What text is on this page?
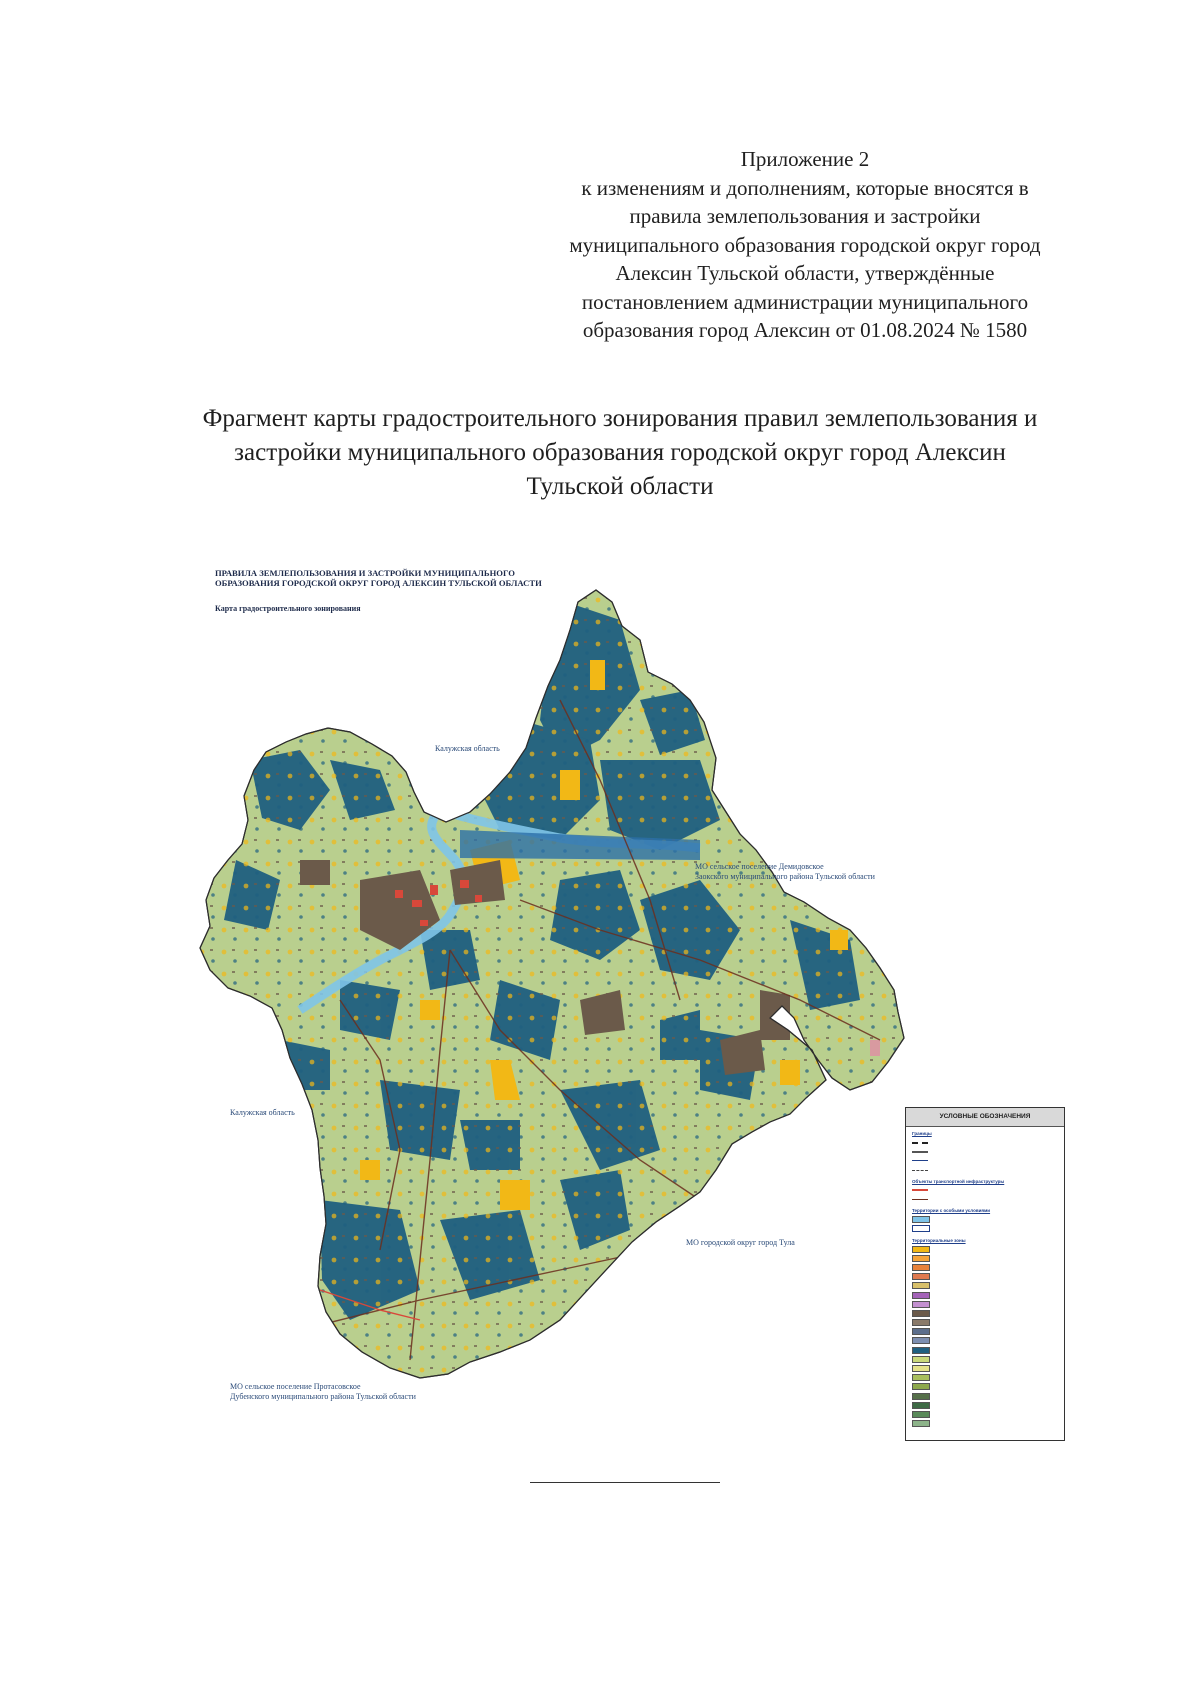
Приложение 2
к изменениям и дополнениям, которые вносятся в
правила землепользования и застройки
муниципального образования городской округ город
Алексин Тульской области, утверждённые
постановлением администрации муниципального
образования город Алексин от 01.08.2024 № 1580
Фрагмент карты градостроительного зонирования правил землепользования и
застройки муниципального образования городской округ город Алексин
Тульской области
ПРАВИЛА ЗЕМЛЕПОЛЬЗОВАНИЯ И ЗАСТРОЙКИ МУНИЦИПАЛЬНОГО
ОБРАЗОВАНИЯ ГОРОДСКОЙ ОКРУГ ГОРОД АЛЕКСИН ТУЛЬСКОЙ ОБЛАСТИ
Карта градостроительного зонирования
Калужская область
Калужская область
МО сельское поселение Демидовское
Заокского муниципального района Тульской области
МО городской округ город Тула
МО сельское поселение Протасовское
Дубенского муниципального района Тульской области
УСЛОВНЫЕ ОБОЗНАЧЕНИЯ
Границы
Объекты транспортной инфраструктуры
Территории с особыми условиями
Территориальные зоны
